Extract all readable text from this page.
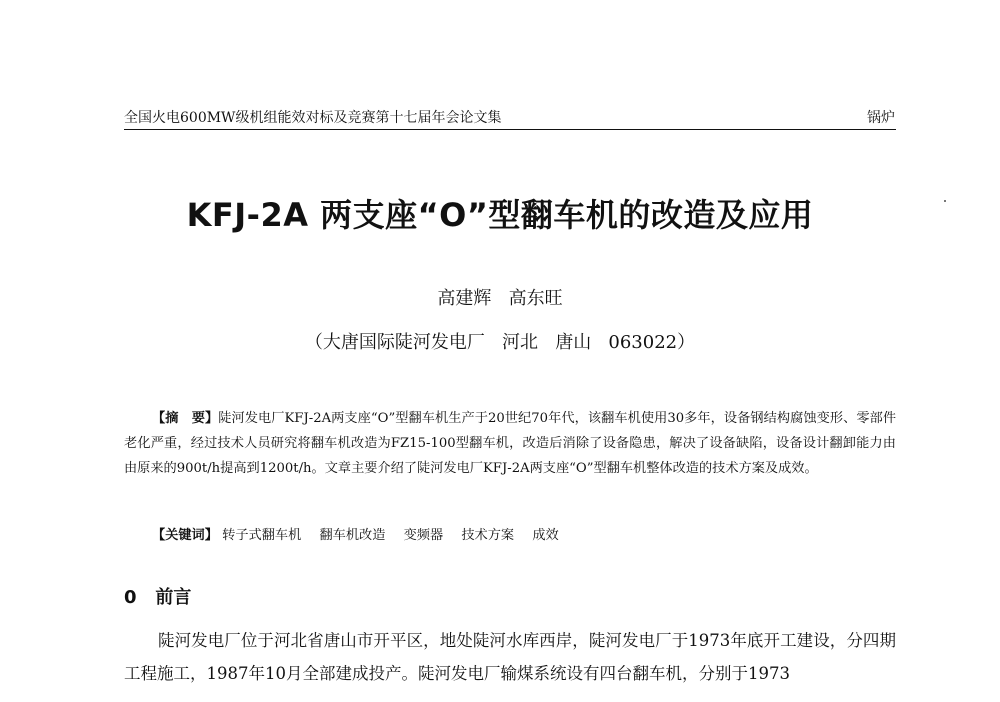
全国火电600MW级机组能效对标及竞赛第十七届年会论文集	锅炉
KFJ-2A 两支座“O”型翻车机的改造及应用
高建辉   高东旺
（大唐国际陡河发电厂   河北   唐山   063022）
【摘　要】陡河发电厂KFJ-2A两支座“O”型翻车机生产于20世纪70年代，该翻车机使用30多年，设备钢结构腐蚀变形、零部件老化严重，经过技术人员研究将翻车机改造为FZ15-100型翻车机，改造后消除了设备隐患，解决了设备缺陷，设备设计翻卸能力由由原来的900t/h提高到1200t/h。文章主要介绍了陡河发电厂KFJ-2A两支座“O”型翻车机整体改造的技术方案及成效。
【关键词】 转子式翻车机 翻车机改造 变频器 技术方案 成效
0 前言
陡河发电厂位于河北省唐山市开平区，地处陡河水库西岸，陡河发电厂于1973年底开工建设，分四期工程施工，1987年10月全部建成投产。陡河发电厂输煤系统设有四台翻车机，分别于1973
